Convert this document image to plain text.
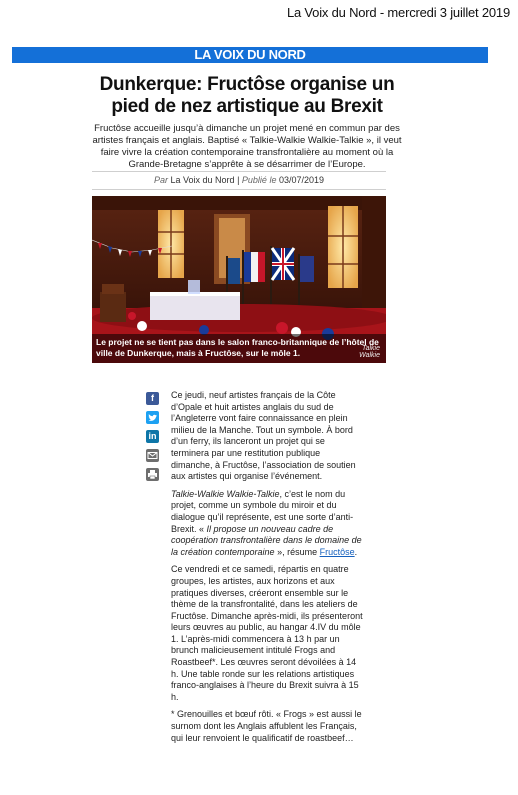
La Voix du Nord - mercredi 3 juillet 2019
LA VOIX DU NORD
Dunkerque: Fructôse organise un pied de nez artistique au Brexit

Fructôse accueille jusqu’à dimanche un projet mené en commun par des artistes français et anglais. Baptisé « Talkie-Walkie Walkie-Talkie », il veut faire vivre la création contemporaine transfrontalière au moment où la Grande-Bretagne s’apprête à se désarrimer de l’Europe.

Par La Voix du Nord | Publié le 03/07/2019
Le projet ne se tient pas dans le salon franco-britannique de l’hôtel de ville de Dunkerque, mais à Fructôse, sur le môle 1.	Talkie
Walkie
f
in

Ce jeudi, neuf artistes français de la Côte d’Opale et huit artistes anglais du sud de l’Angleterre vont faire connaissance en plein milieu de la Manche. Tout un symbole. À bord d’un ferry, ils lanceront un projet qui se terminera par une restitution publique dimanche, à Fructôse, l’association de soutien aux artistes qui organise l’événement.

Talkie-Walkie Walkie-Talkie, c’est le nom du projet, comme un symbole du miroir et du dialogue qu’il représente, est une sorte d’anti-Brexit. « Il propose un nouveau cadre de coopération transfrontalière dans le domaine de la création contemporaine », résume Fructôse.

Ce vendredi et ce samedi, répartis en quatre groupes, les artistes, aux horizons et aux pratiques diverses, créeront ensemble sur le thème de la transfrontalité, dans les ateliers de Fructôse. Dimanche après-midi, ils présenteront leurs œuvres au public, au hangar 4.IV du môle 1. L’après-midi commencera à 13 h par un brunch malicieusement intitulé Frogs and Roastbeef*. Les œuvres seront dévoilées à 14 h. Une table ronde sur les relations artistiques franco-anglaises à l’heure du Brexit suivra à 15 h.

* Grenouilles et bœuf rôti. « Frogs » est aussi le surnom dont les Anglais affublent les Français, qui leur renvoient le qualificatif de roastbeef…
